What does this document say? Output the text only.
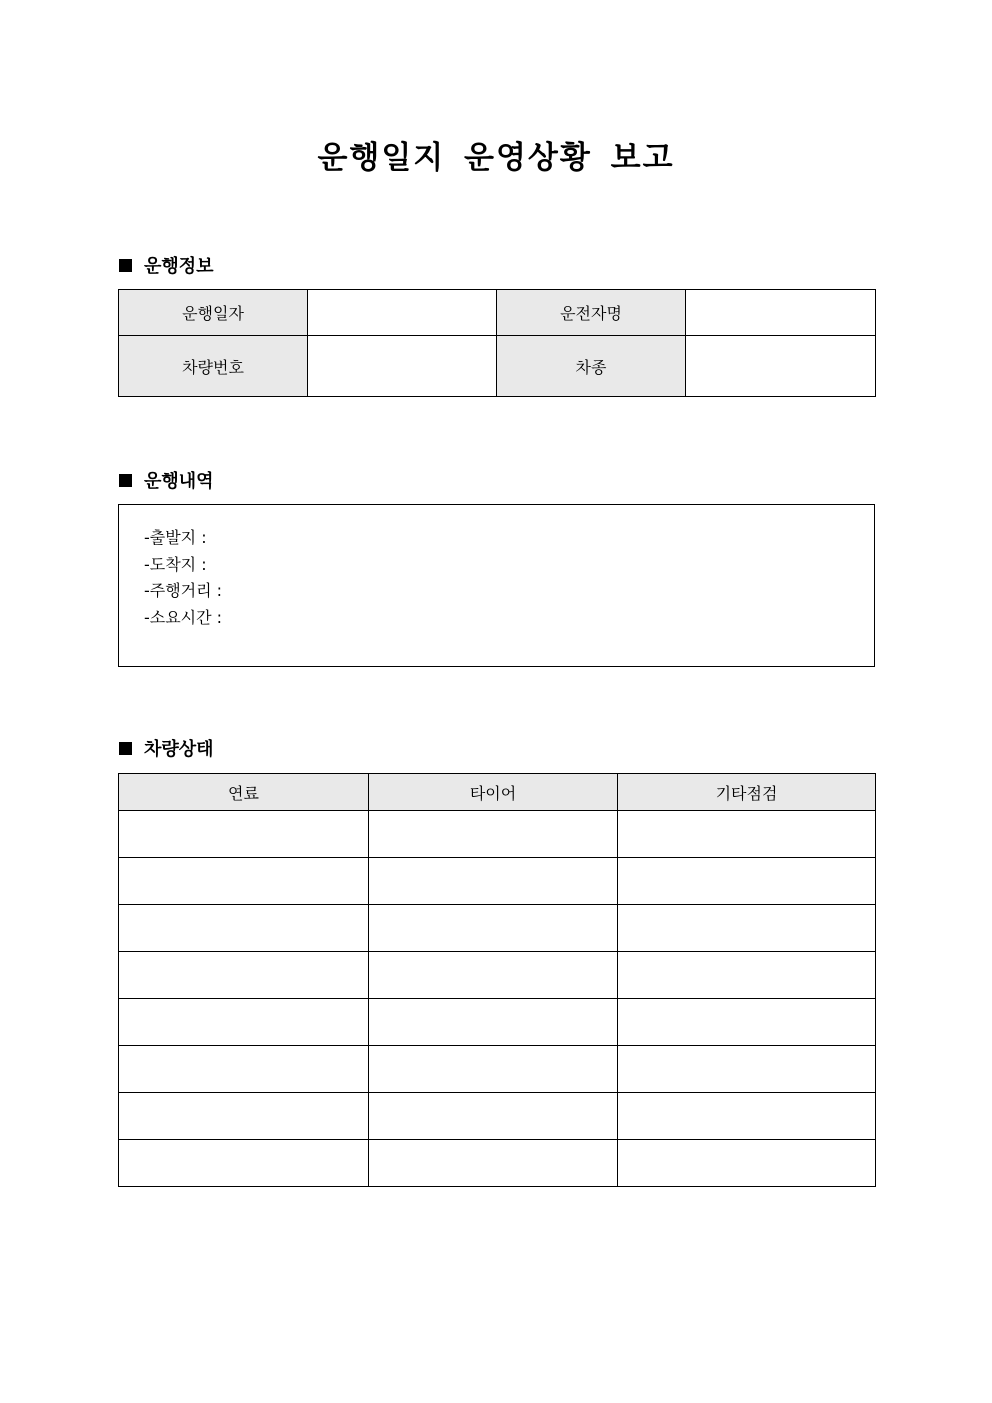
운행일지 운영상황 보고
운행정보
운행일자		운전자명	
차량번호		차종	
운행내역
-출발지 :
-도착지 :
-주행거리 :
-소요시간 :
차량상태
연료	타이어	기타점검
